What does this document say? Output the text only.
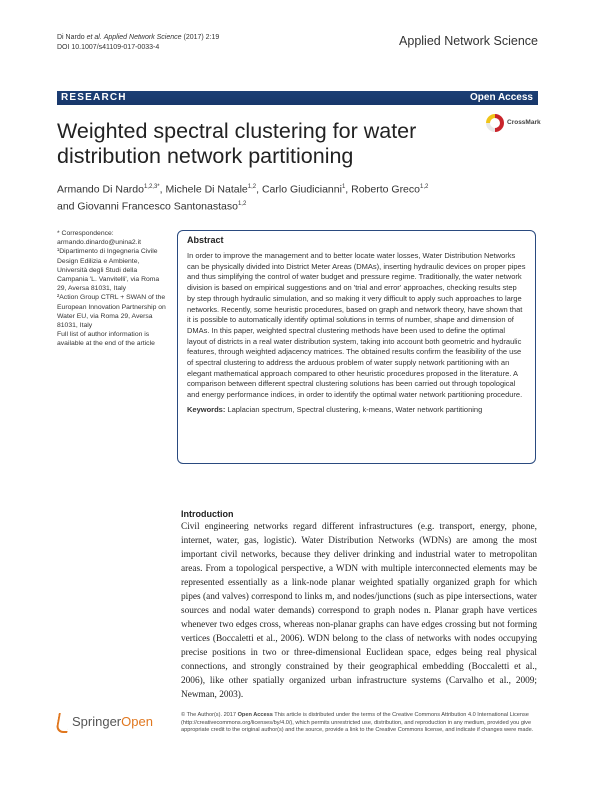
Di Nardo et al. Applied Network Science (2017) 2:19
DOI 10.1007/s41109-017-0033-4	Applied Network Science
RESEARCH	Open Access
Weighted spectral clustering for water distribution network partitioning
CrossMark
Armando Di Nardo$^{1,2,3*}$, Michele Di Natale$^{1,2}$, Carlo Giudicianni$^1$, Roberto Greco$^{1,2}$
and Giovanni Francesco Santonastaso$^{1,2}$

* Correspondence:

armando.dinardo@unina2.it

¹Dipartimento di Ingegneria Civile Design Edilizia e Ambiente, Università degli Studi della Campania 'L. Vanvitelli', via Roma 29, Aversa 81031, Italy

²Action Group CTRL + SWAN of the European Innovation Partnership on Water EU, via Roma 29, Aversa 81031, Italy

Full list of author information is available at the end of the article

Abstract

In order to improve the management and to better locate water losses, Water Distribution Networks can be physically divided into District Meter Areas (DMAs), inserting hydraulic devices on proper pipes and thus simplifying the control of water budget and pressure regime. Traditionally, the water network division is based on empirical suggestions and on 'trial and error' approaches, checking results step by step through hydraulic simulation, and so making it very difficult to apply such approaches to large networks. Recently, some heuristic procedures, based on graph and network theory, have shown that it is possible to automatically identify optimal solutions in terms of number, shape and dimension of DMAs. In this paper, weighted spectral clustering methods have been used to define the optimal layout of districts in a real water distribution system, taking into account both geometric and hydraulic features, through weighted adjacency matrices. The obtained results confirm the feasibility of the use of spectral clustering to address the arduous problem of water supply network partitioning with an elegant mathematical approach compared to other heuristic procedures proposed in the literature. A comparison between different spectral clustering solutions has been carried out through topological and energy performance indices, in order to identify the optimal water network partitioning procedure.

Keywords: Laplacian spectrum, Spectral clustering, k-means, Water network partitioning

Introduction

Civil engineering networks regard different infrastructures (e.g. transport, energy, phone, internet, water, gas, logistic). Water Distribution Networks (WDNs) are among the most important civil networks, because they deliver drinking and industrial water to metropolitan areas. From a topological perspective, a WDN with multiple interconnected elements may be represented essentially as a link-node planar weighted spatially organized graph for which pipes (and valves) correspond to links m, and nodes/junctions (such as pipe intersections, water sources and nodal water demands) correspond to graph nodes n. Planar graph have vertices whenever two edges cross, whereas non-planar graphs can have edges crossing but not forming vertices (Boccaletti et al., 2006). WDN belong to the class of networks with nodes occupying precise positions in two or three-dimensional Euclidean space, edges being real physical connections, and strongly constrained by their geographical embedding (Boccaletti et al., 2006), like other spatially organized urban infrastructure systems (Carvalho et al., 2009; Newman, 2003).

SpringerOpen	© The Author(s). 2017 Open Access This article is distributed under the terms of the Creative Commons Attribution 4.0 International License (http://creativecommons.org/licenses/by/4.0/), which permits unrestricted use, distribution, and reproduction in any medium, provided you give appropriate credit to the original author(s) and the source, provide a link to the Creative Commons license, and indicate if changes were made.
